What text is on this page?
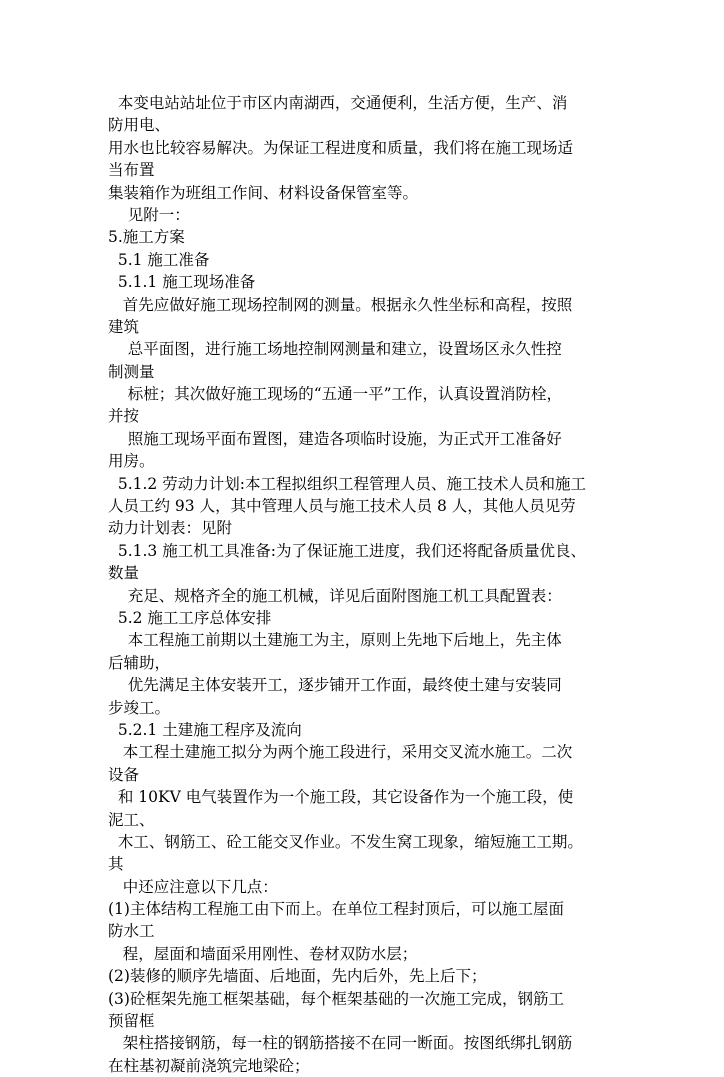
本变电站站址位于市区内南湖西，交通便利，生活方便，生产、消
防用电、
用水也比较容易解决。为保证工程进度和质量，我们将在施工现场适
当布置
集装箱作为班组工作间、材料设备保管室等。
见附一：
5.施工方案
5.1 施工准备
5.1.1 施工现场准备
首先应做好施工现场控制网的测量。根据永久性坐标和高程，按照
建筑
总平面图，进行施工场地控制网测量和建立，设置场区永久性控
制测量
标桩；其次做好施工现场的“五通一平”工作，认真设置消防栓，
并按
照施工现场平面布置图，建造各项临时设施，为正式开工准备好
用房。
5.1.2 劳动力计划:本工程拟组织工程管理人员、施工技术人员和施工
人员工约 93 人，其中管理人员与施工技术人员 8 人，其他人员见劳
动力计划表：见附
5.1.3 施工机工具准备:为了保证施工进度，我们还将配备质量优良、
数量
充足、规格齐全的施工机械，详见后面附图施工机工具配置表：
5.2 施工工序总体安排
本工程施工前期以土建施工为主，原则上先地下后地上，先主体
后辅助，
优先满足主体安装开工，逐步铺开工作面，最终使土建与安装同
步竣工。
5.2.1 土建施工程序及流向
本工程土建施工拟分为两个施工段进行，采用交叉流水施工。二次
设备
和 10KV 电气装置作为一个施工段，其它设备作为一个施工段，使
泥工、
木工、钢筋工、砼工能交叉作业。不发生窝工现象，缩短施工工期。
其
中还应注意以下几点：
(1)主体结构工程施工由下而上。在单位工程封顶后，可以施工屋面
防水工
程，屋面和墙面采用刚性、卷材双防水层；
(2)装修的顺序先墙面、后地面，先内后外，先上后下；
(3)砼框架先施工框架基础，每个框架基础的一次施工完成，钢筋工
预留框
架柱搭接钢筋，每一柱的钢筋搭接不在同一断面。按图纸绑扎钢筋
在柱基初凝前浇筑完地梁砼；
